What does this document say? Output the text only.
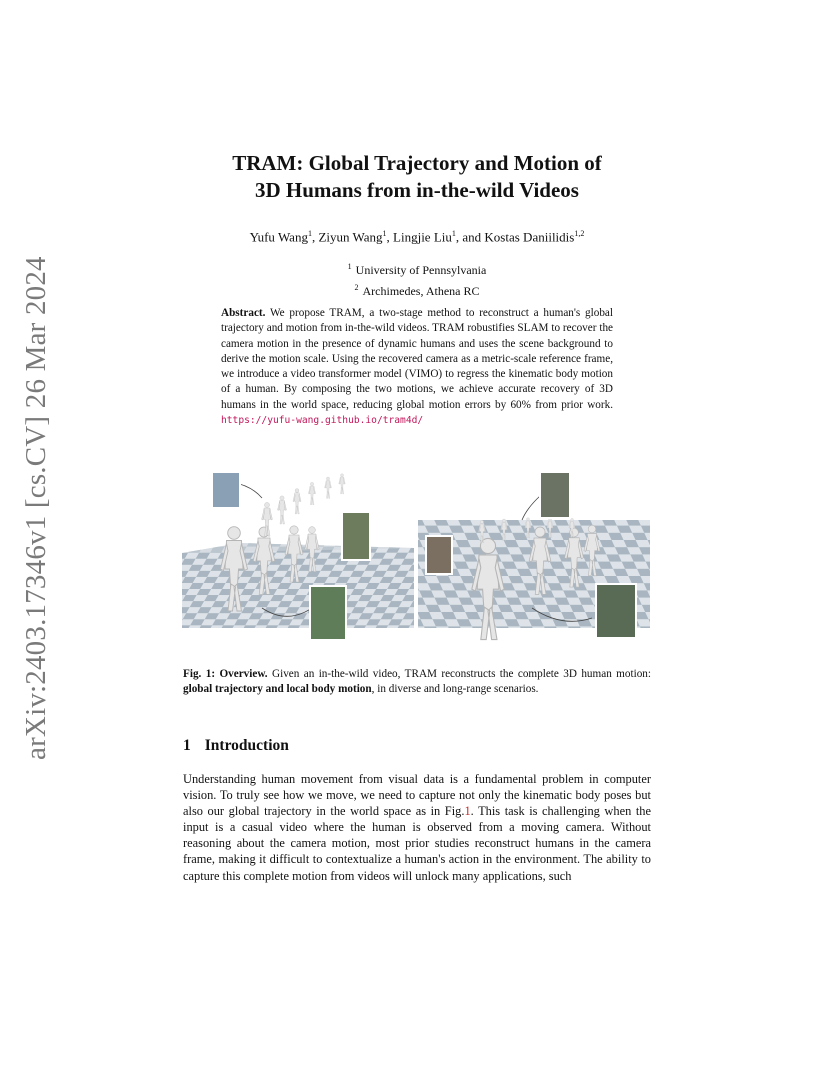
arXiv:2403.17346v1 [cs.CV] 26 Mar 2024
TRAM: Global Trajectory and Motion of
3D Humans from in-the-wild Videos
Yufu Wang$^1$, Ziyun Wang$^1$, Lingjie Liu$^1$, and Kostas Daniilidis$^{1,2}$
$^1$ University of Pennsylvania
$^2$ Archimedes, Athena RC
Abstract. We propose TRAM, a two-stage method to reconstruct a human's global trajectory and motion from in-the-wild videos. TRAM robustifies SLAM to recover the camera motion in the presence of dynamic humans and uses the scene background to derive the motion scale. Using the recovered camera as a metric-scale reference frame, we introduce a video transformer model (VIMO) to regress the kinematic body motion of a human. By composing the two motions, we achieve accurate recovery of 3D humans in the world space, reducing global motion errors by 60% from prior work. https://yufu-wang.github.io/tram4d/
Fig. 1: Overview. Given an in-the-wild video, TRAM reconstructs the complete 3D human motion: global trajectory and local body motion, in diverse and long-range scenarios.
1 Introduction
Understanding human movement from visual data is a fundamental problem in computer vision. To truly see how we move, we need to capture not only the kinematic body poses but also our global trajectory in the world space as in Fig.1. This task is challenging when the input is a casual video where the human is observed from a moving camera. Without reasoning about the camera motion, most prior studies reconstruct humans in the camera frame, making it difficult to contextualize a human's action in the environment. The ability to capture this complete motion from videos will unlock many applications, such
